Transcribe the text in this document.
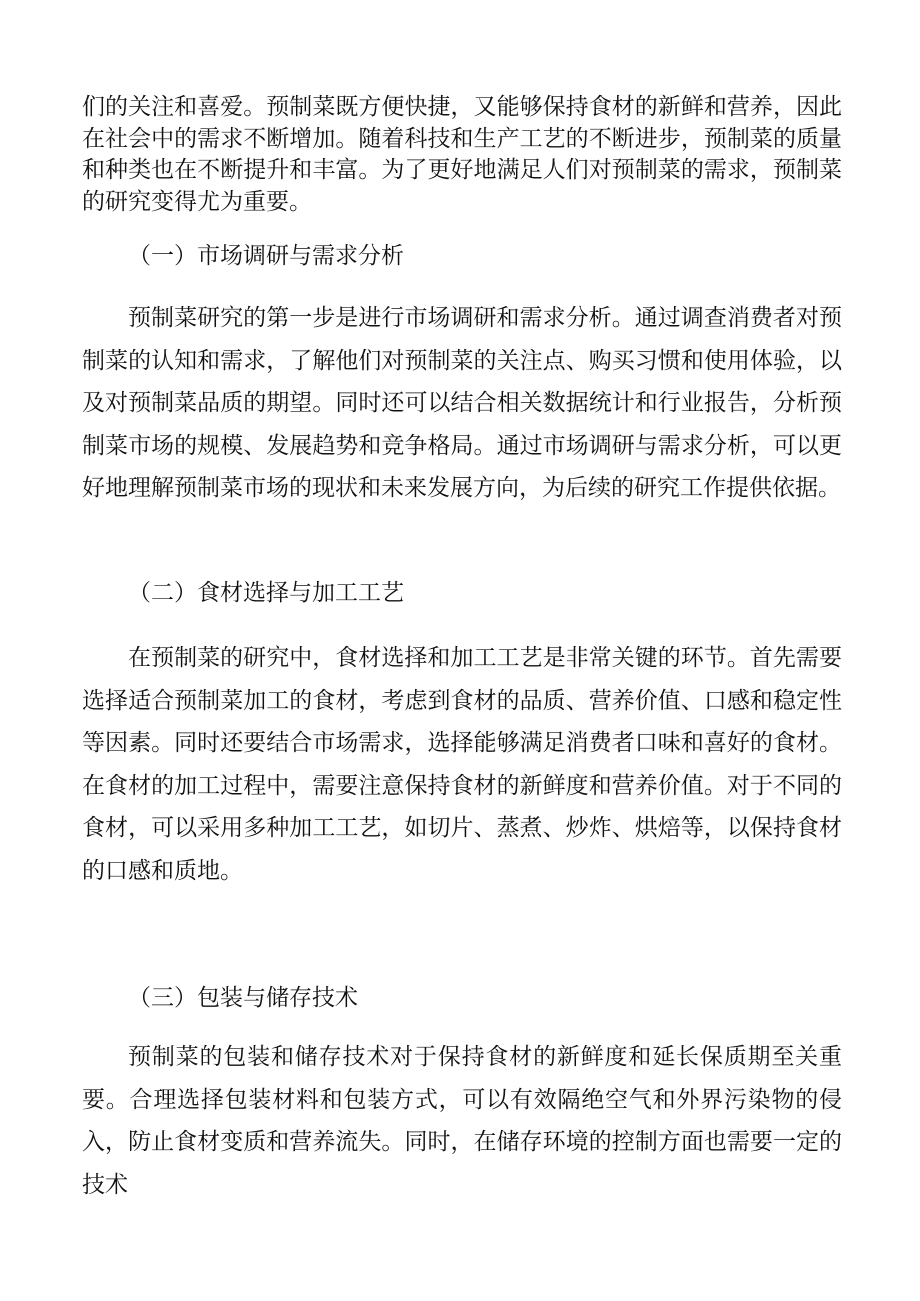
们的关注和喜爱。预制菜既方便快捷，又能够保持食材的新鲜和营养，因此在社会中的需求不断增加。随着科技和生产工艺的不断进步，预制菜的质量和种类也在不断提升和丰富。为了更好地满足人们对预制菜的需求，预制菜的研究变得尤为重要。

（一）市场调研与需求分析

预制菜研究的第一步是进行市场调研和需求分析。通过调查消费者对预制菜的认知和需求，了解他们对预制菜的关注点、购买习惯和使用体验，以及对预制菜品质的期望。同时还可以结合相关数据统计和行业报告，分析预制菜市场的规模、发展趋势和竞争格局。通过市场调研与需求分析，可以更好地理解预制菜市场的现状和未来发展方向，为后续的研究工作提供依据。

（二）食材选择与加工工艺

在预制菜的研究中，食材选择和加工工艺是非常关键的环节。首先需要选择适合预制菜加工的食材，考虑到食材的品质、营养价值、口感和稳定性等因素。同时还要结合市场需求，选择能够满足消费者口味和喜好的食材。在食材的加工过程中，需要注意保持食材的新鲜度和营养价值。对于不同的食材，可以采用多种加工工艺，如切片、蒸煮、炒炸、烘焙等，以保持食材的口感和质地。

（三）包装与储存技术

预制菜的包装和储存技术对于保持食材的新鲜度和延长保质期至关重要。合理选择包装材料和包装方式，可以有效隔绝空气和外界污染物的侵入，防止食材变质和营养流失。同时，在储存环境的控制方面也需要一定的技术
